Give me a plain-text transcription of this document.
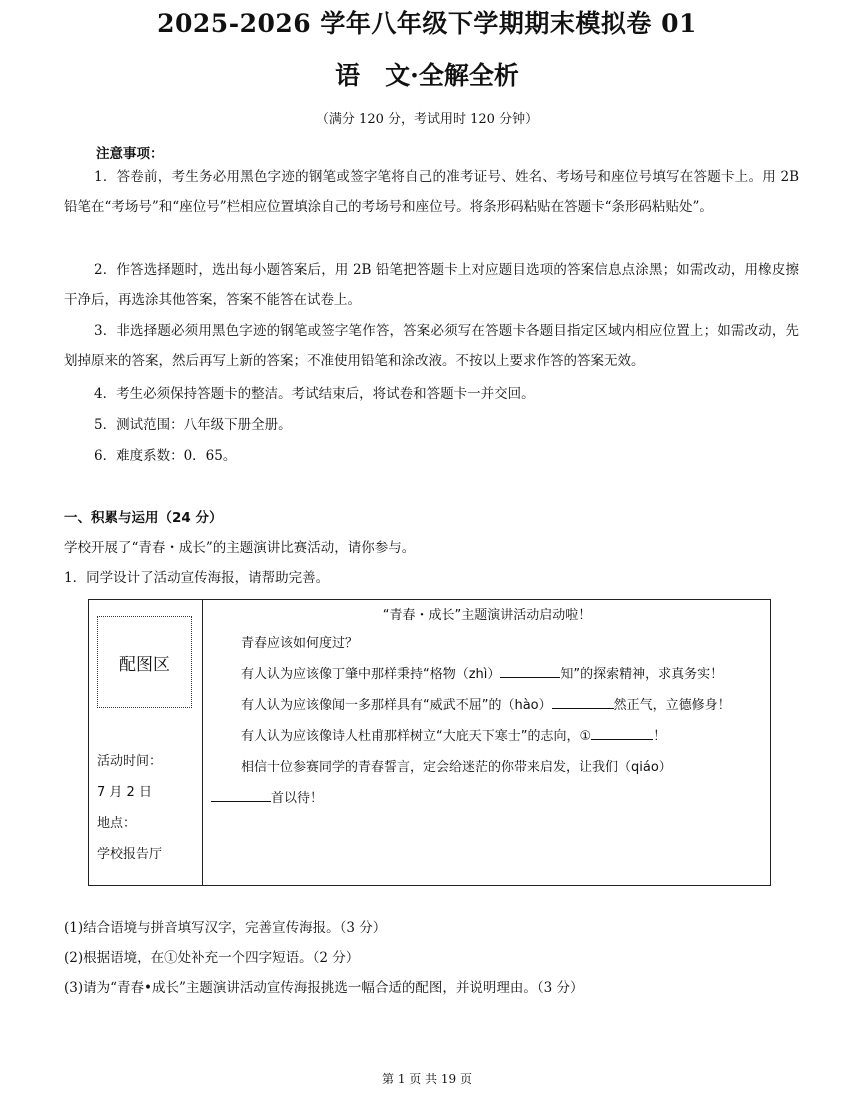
2025-2026 学年八年级下学期期末模拟卷 01
语　文·全解全析
（满分 120 分，考试用时 120 分钟）
注意事项：
1．答卷前，考生务必用黑色字迹的钢笔或签字笔将自己的准考证号、姓名、考场号和座位号填写在答题卡上。用 2B 铅笔在“考场号”和“座位号”栏相应位置填涂自己的考场号和座位号。将条形码粘贴在答题卡“条形码粘贴处”。
2．作答选择题时，选出每小题答案后，用 2B 铅笔把答题卡上对应题目选项的答案信息点涂黑；如需改动，用橡皮擦干净后，再选涂其他答案，答案不能答在试卷上。
3．非选择题必须用黑色字迹的钢笔或签字笔作答，答案必须写在答题卡各题目指定区域内相应位置上；如需改动，先划掉原来的答案，然后再写上新的答案；不准使用铅笔和涂改液。不按以上要求作答的答案无效。
4．考生必须保持答题卡的整洁。考试结束后，将试卷和答题卡一并交回。
5．测试范围：八年级下册全册。
6．难度系数：0．65。
一、积累与运用（24 分）
学校开展了“青春・成长”的主题演讲比赛活动，请你参与。
1．同学设计了活动宣传海报，请帮助完善。
配图区
活动时间：
7 月 2 日
地点：
学校报告厅
“青春・成长”主题演讲活动启动啦！
青春应该如何度过？
有人认为应该像丁肇中那样秉持“格物（zhì）	知”的探索精神，求真务实！
有人认为应该像闻一多那样具有“威武不屈”的（hào）	然正气，立德修身！
有人认为应该像诗人杜甫那样树立“大庇天下寒士”的志向，①	！
相信十位参赛同学的青春誓言，定会给迷茫的你带来启发，让我们（qiáo）
首以待！
(1)结合语境与拼音填写汉字，完善宣传海报。（3 分）
(2)根据语境，在①处补充一个四字短语。（2 分）
(3)请为“青春•成长”主题演讲活动宣传海报挑选一幅合适的配图，并说明理由。（3 分）
第 1 页 共 19 页
